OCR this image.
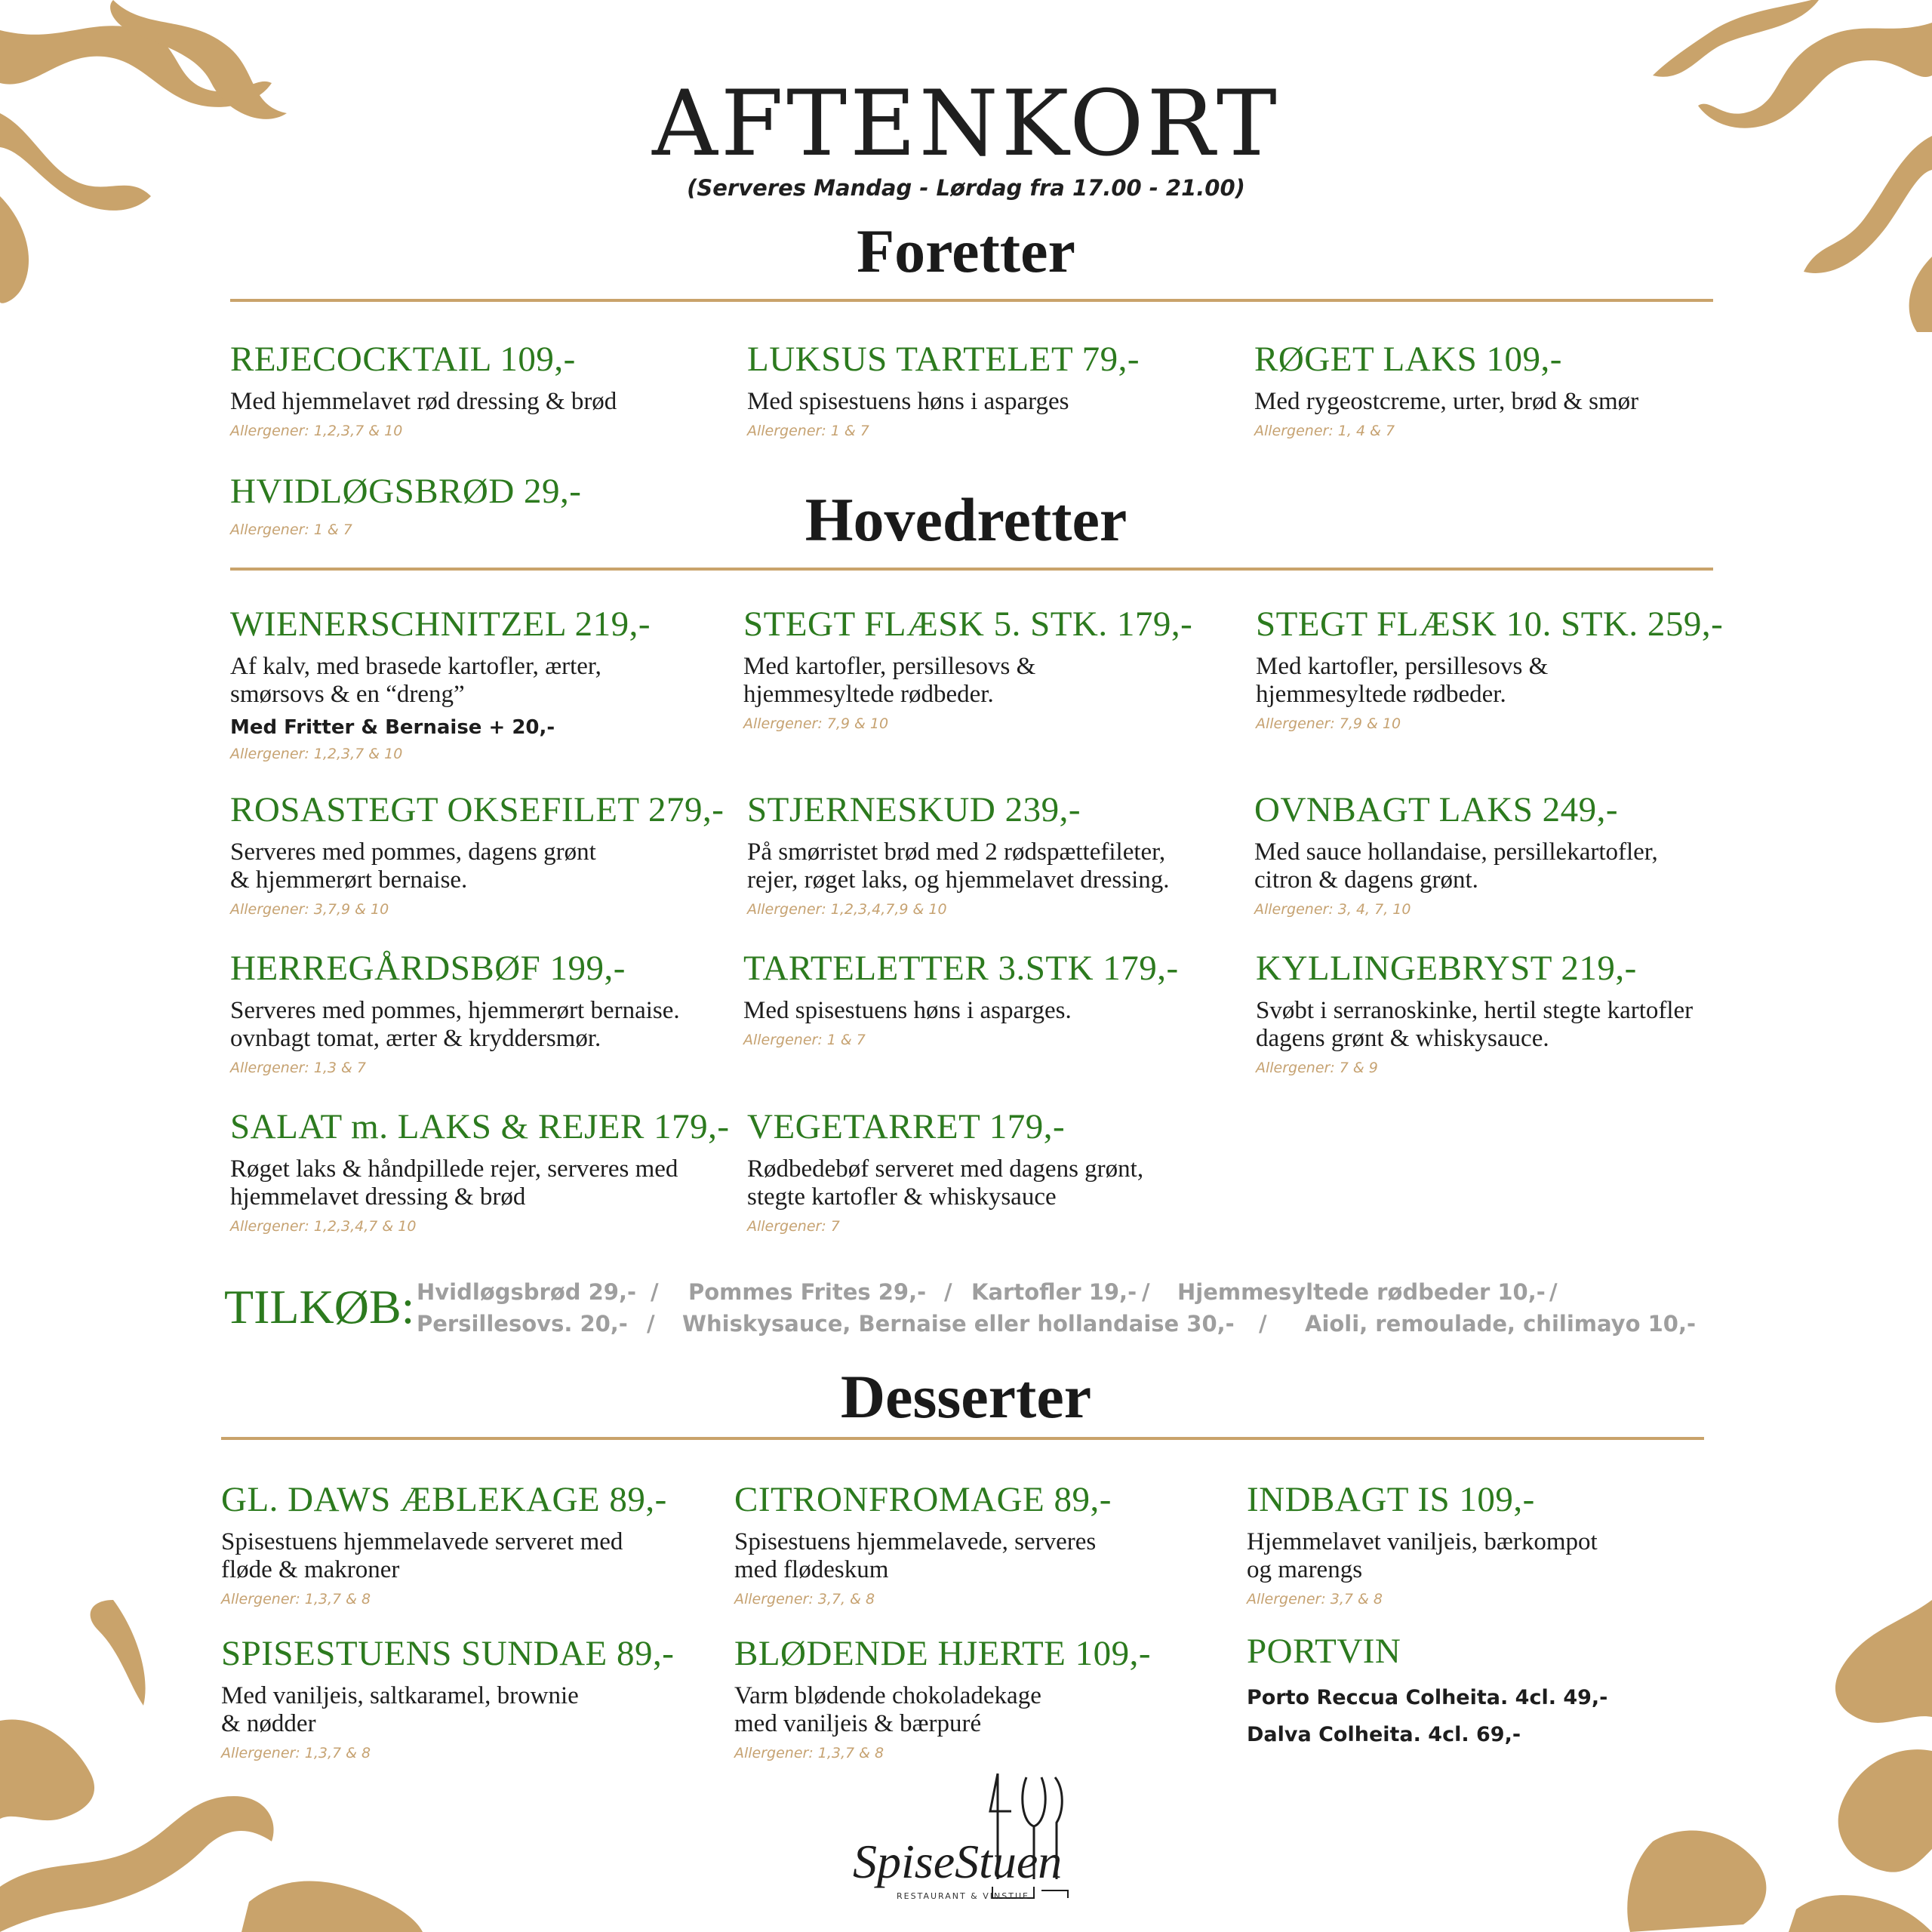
AFTENKORT
(Serveres Mandag - Lørdag fra 17.00 - 21.00)
Foretter
REJECOCKTAIL 109,-
Med hjemmelavet rød dressing & brød
Allergener: 1,2,3,7 & 10
LUKSUS TARTELET 79,-
Med spisestuens høns i asparges
Allergener: 1 & 7
RØGET LAKS 109,-
Med rygeostcreme, urter, brød & smør
Allergener: 1, 4 & 7
HVIDLØGSBRØD 29,-
Allergener: 1 & 7	Hovedretter
WIENERSCHNITZEL 219,-
Af kalv, med brasede kartofler, ærter,
smørsovs & en “dreng”
Med Fritter & Bernaise + 20,-
Allergener: 1,2,3,7 & 10
STEGT FLÆSK 5. STK. 179,-
Med kartofler, persillesovs &
hjemmesyltede rødbeder.
Allergener: 7,9 & 10
STEGT FLÆSK 10. STK. 259,-
Med kartofler, persillesovs &
hjemmesyltede rødbeder.
Allergener: 7,9 & 10
ROSASTEGT OKSEFILET 279,-
Serveres med pommes, dagens grønt
& hjemmerørt bernaise.
Allergener: 3,7,9 & 10
STJERNESKUD 239,-
På smørristet brød med 2 rødspættefileter,
rejer, røget laks, og hjemmelavet dressing.
Allergener: 1,2,3,4,7,9 & 10
OVNBAGT LAKS 249,-
Med sauce hollandaise, persillekartofler,
citron & dagens grønt.
Allergener: 3, 4, 7, 10
HERREGÅRDSBØF 199,-
Serveres med pommes, hjemmerørt bernaise.
ovnbagt tomat, ærter & kryddersmør.
Allergener: 1,3 & 7
TARTELETTER 3.STK 179,-
Med spisestuens høns i asparges.
Allergener: 1 & 7
KYLLINGEBRYST 219,-
Svøbt i serranoskinke, hertil stegte kartofler
dagens grønt & whiskysauce.
Allergener: 7 & 9
SALAT m. LAKS & REJER 179,-
Røget laks & håndpillede rejer, serveres med
hjemmelavet dressing & brød
Allergener: 1,2,3,4,7 & 10
VEGETARRET 179,-
Rødbedebøf serveret med dagens grønt,
stegte kartofler & whiskysauce
Allergener: 7
TILKØB: Hvidløgsbrød 29,- / Pommes Frites 29,- / Kartofler 19,- / Hjemmesyltede rødbeder 10,- /
Persillesovs. 20,- / Whiskysauce, Bernaise eller hollandaise 30,- / Aioli, remoulade, chilimayo 10,-
Desserter
GL. DAWS ÆBLEKAGE 89,-
Spisestuens hjemmelavede serveret med
fløde & makroner
Allergener: 1,3,7 & 8
CITRONFROMAGE 89,-
Spisestuens hjemmelavede, serveres
med flødeskum
Allergener: 3,7, & 8
INDBAGT IS 109,-
Hjemmelavet vaniljeis, bærkompot
og marengs
Allergener: 3,7 & 8
SPISESTUENS SUNDAE 89,-
Med vaniljeis, saltkaramel, brownie
& nødder
Allergener: 1,3,7 & 8
BLØDENDE HJERTE 109,-
Varm blødende chokoladekage
med vaniljeis & bærpuré
Allergener: 1,3,7 & 8
PORTVIN
Porto Reccua Colheita. 4cl. 49,-
Dalva Colheita. 4cl. 69,-
SpiseStuen
RESTAURANT & VINSTUE
